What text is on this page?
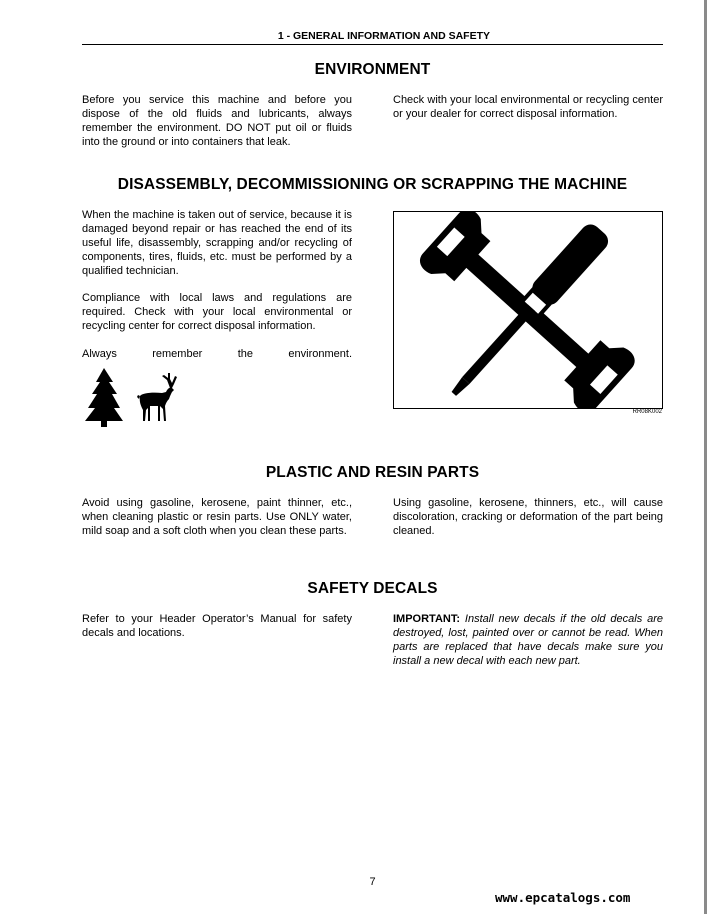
1 - GENERAL INFORMATION AND SAFETY
ENVIRONMENT

Before you service this machine and before you dispose of the old fluids and lubricants, always remember the environment. DO NOT put oil or fluids into the ground or into containers that leak.

Check with your local environmental or recycling center or your dealer for correct disposal information.

DISASSEMBLY, DECOMMISSIONING OR SCRAPPING THE MACHINE

When the machine is taken out of service, because it is damaged beyond repair or has reached the end of its useful life, disassembly, scrapping and/or recycling of components, tires, fluids, etc. must be performed by a qualified technician.

Compliance with local laws and regulations are required. Check with your local environmental or recycling center for correct disposal information.

Always remember the environment.

RR08K002
PLASTIC AND RESIN PARTS

Avoid using gasoline, kerosene, paint thinner, etc., when cleaning plastic or resin parts. Use ONLY water, mild soap and a soft cloth when you clean these parts.

Using gasoline, kerosene, thinners, etc., will cause discoloration, cracking or deformation of the part being cleaned.

SAFETY DECALS

Refer to your Header Operator’s Manual for safety decals and locations.

IMPORTANT: Install new decals if the old decals are destroyed, lost, painted over or cannot be read. When parts are replaced that have decals make sure you install a new decal with each new part.

7
www.epcatalogs.com
